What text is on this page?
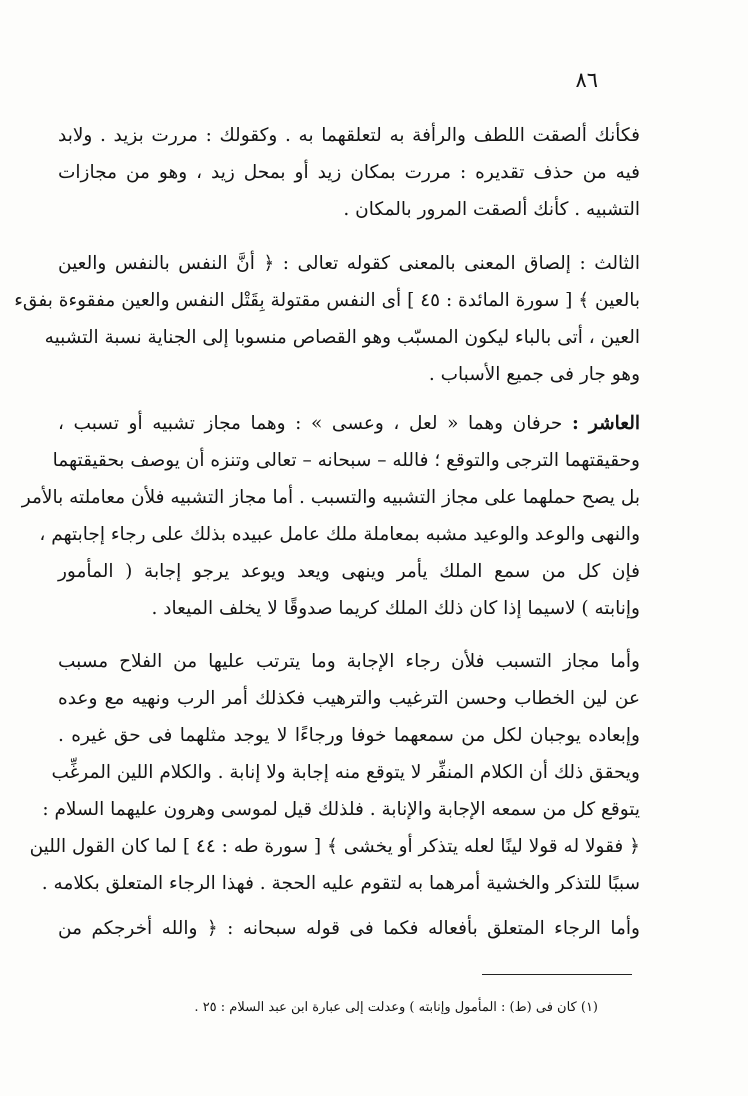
٨٦
فكأنك ألصقت اللطف والرأفة به لتعلقهما به . وكقولك : مررت بزيد . ولابد
فيه من حذف تقديره : مررت بمكان زيد أو بمحل زيد ، وهو من مجازات
التشبيه . كأنك ألصقت المرور بالمكان .
الثالث : إلصاق المعنى بالمعنى كقوله تعالى : ﴿ أنَّ النفس بالنفس والعين
بالعين ﴾ [ سورة المائدة : ٤٥ ] أى النفس مقتولة بِقَتْل النفس والعين مفقوءة بفقء
العين ، أتى بالباء ليكون المسبّب وهو القصاص منسوبا إلى الجناية نسبة التشبيه
وهو جار فى جميع الأسباب .
العاشر : حرفان وهما « لعل ، وعسى » : وهما مجاز تشبيه أو تسبب ،
وحقيقتهما الترجى والتوقع ؛ فالله – سبحانه – تعالى وتنزه أن يوصف بحقيقتهما
بل يصح حملهما على مجاز التشبيه والتسبب . أما مجاز التشبيه فلأن معاملته بالأمر
والنهى والوعد والوعيد مشبه بمعاملة ملك عامل عبيده بذلك على رجاء إجابتهم ،
فإن كل من سمع الملك يأمر وينهى ويعد ويوعد يرجو إجابة ( المأمور
وإنابته ) لاسيما إذا كان ذلك الملك كريما صدوقًا لا يخلف الميعاد .
وأما مجاز التسبب فلأن رجاء الإجابة وما يترتب عليها من الفلاح مسبب
عن لين الخطاب وحسن الترغيب والترهيب فكذلك أمر الرب ونهيه مع وعده
وإبعاده يوجبان لكل من سمعهما خوفا ورجاءًا لا يوجد مثلهما فى حق غيره .
ويحقق ذلك أن الكلام المنفِّر لا يتوقع منه إجابة ولا إنابة . والكلام اللين المرغِّب
يتوقع كل من سمعه الإجابة والإنابة . فلذلك قيل لموسى وهرون عليهما السلام :
﴿ فقولا له قولا لينًا لعله يتذكر أو يخشى ﴾ [ سورة طه : ٤٤ ] لما كان القول اللين
سببًا للتذكر والخشية أمرهما به لتقوم عليه الحجة . فهذا الرجاء المتعلق بكلامه .
وأما الرجاء المتعلق بأفعاله فكما فى قوله سبحانه : ﴿ والله أخرجكم من
(١) كان فى (ط) : المأمول وإنابته ) وعدلت إلى عبارة ابن عبد السلام : ٢٥ .
